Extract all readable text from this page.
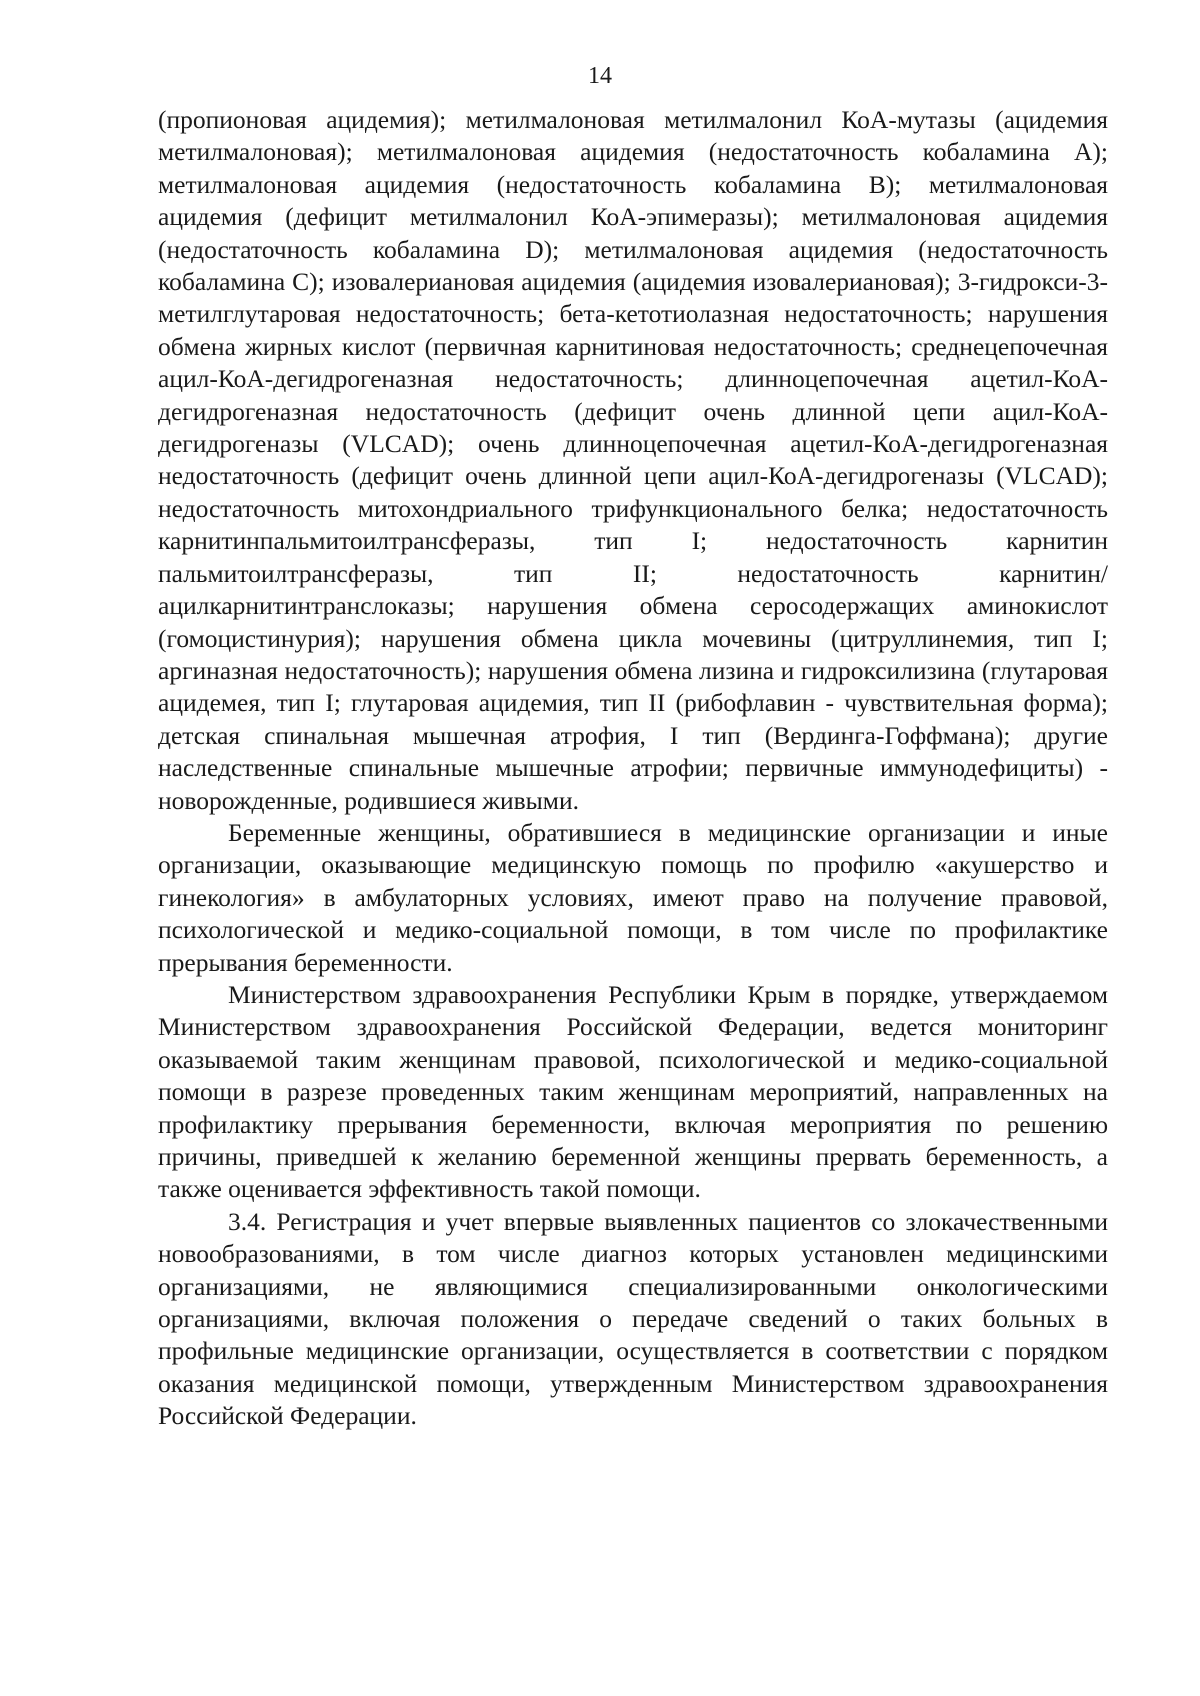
14

(пропионовая ацидемия); метилмалоновая метилмалонил КоА-мутазы (ацидемия метилмалоновая); метилмалоновая ацидемия (недостаточность кобаламина A); метилмалоновая ацидемия (недостаточность кобаламина B); метилмалоновая ацидемия (дефицит метилмалонил КоА-эпимеразы); метилмалоновая ацидемия (недостаточность кобаламина D); метилмалоновая ацидемия (недостаточность кобаламина C); изовалериановая ацидемия (ацидемия изовалериановая); 3-гидрокси-3-метилглутаровая недостаточность; бета-кетотиолазная недостаточность; нарушения обмена жирных кислот (первичная карнитиновая недостаточность; среднецепочечная ацил-КоА-дегидрогеназная недостаточность; длинноцепочечная ацетил-КоА-дегидрогеназная недостаточность (дефицит очень длинной цепи ацил-КоА-дегидрогеназы (VLCAD); очень длинноцепочечная ацетил-КоА-дегидрогеназная недостаточность (дефицит очень длинной цепи ацил-КоА-дегидрогеназы (VLCAD); недостаточность митохондриального трифункционального белка; недостаточность карнитинпальмитоилтрансферазы, тип I; недостаточность карнитин пальмитоилтрансферазы, тип II; недостаточность карнитин/ацилкарнитинтранслоказы; нарушения обмена серосодержащих аминокислот (гомоцистинурия); нарушения обмена цикла мочевины (цитруллинемия, тип I; аргиназная недостаточность); нарушения обмена лизина и гидроксилизина (глутаровая ацидемея, тип I; глутаровая ацидемия, тип II (рибофлавин - чувствительная форма); детская спинальная мышечная атрофия, I тип (Вердинга-Гоффмана); другие наследственные спинальные мышечные атрофии; первичные иммунодефициты) - новорожденные, родившиеся живыми.

Беременные женщины, обратившиеся в медицинские организации и иные организации, оказывающие медицинскую помощь по профилю «акушерство и гинекология» в амбулаторных условиях, имеют право на получение правовой, психологической и медико-социальной помощи, в том числе по профилактике прерывания беременности.

Министерством здравоохранения Республики Крым в порядке, утверждаемом Министерством здравоохранения Российской Федерации, ведется мониторинг оказываемой таким женщинам правовой, психологической и медико-социальной помощи в разрезе проведенных таким женщинам мероприятий, направленных на профилактику прерывания беременности, включая мероприятия по решению причины, приведшей к желанию беременной женщины прервать беременность, а также оценивается эффективность такой помощи.

3.4. Регистрация и учет впервые выявленных пациентов со злокачественными новообразованиями, в том числе диагноз которых установлен медицинскими организациями, не являющимися специализированными онкологическими организациями, включая положения о передаче сведений о таких больных в профильные медицинские организации, осуществляется в соответствии с порядком оказания медицинской помощи, утвержденным Министерством здравоохранения Российской Федерации.
